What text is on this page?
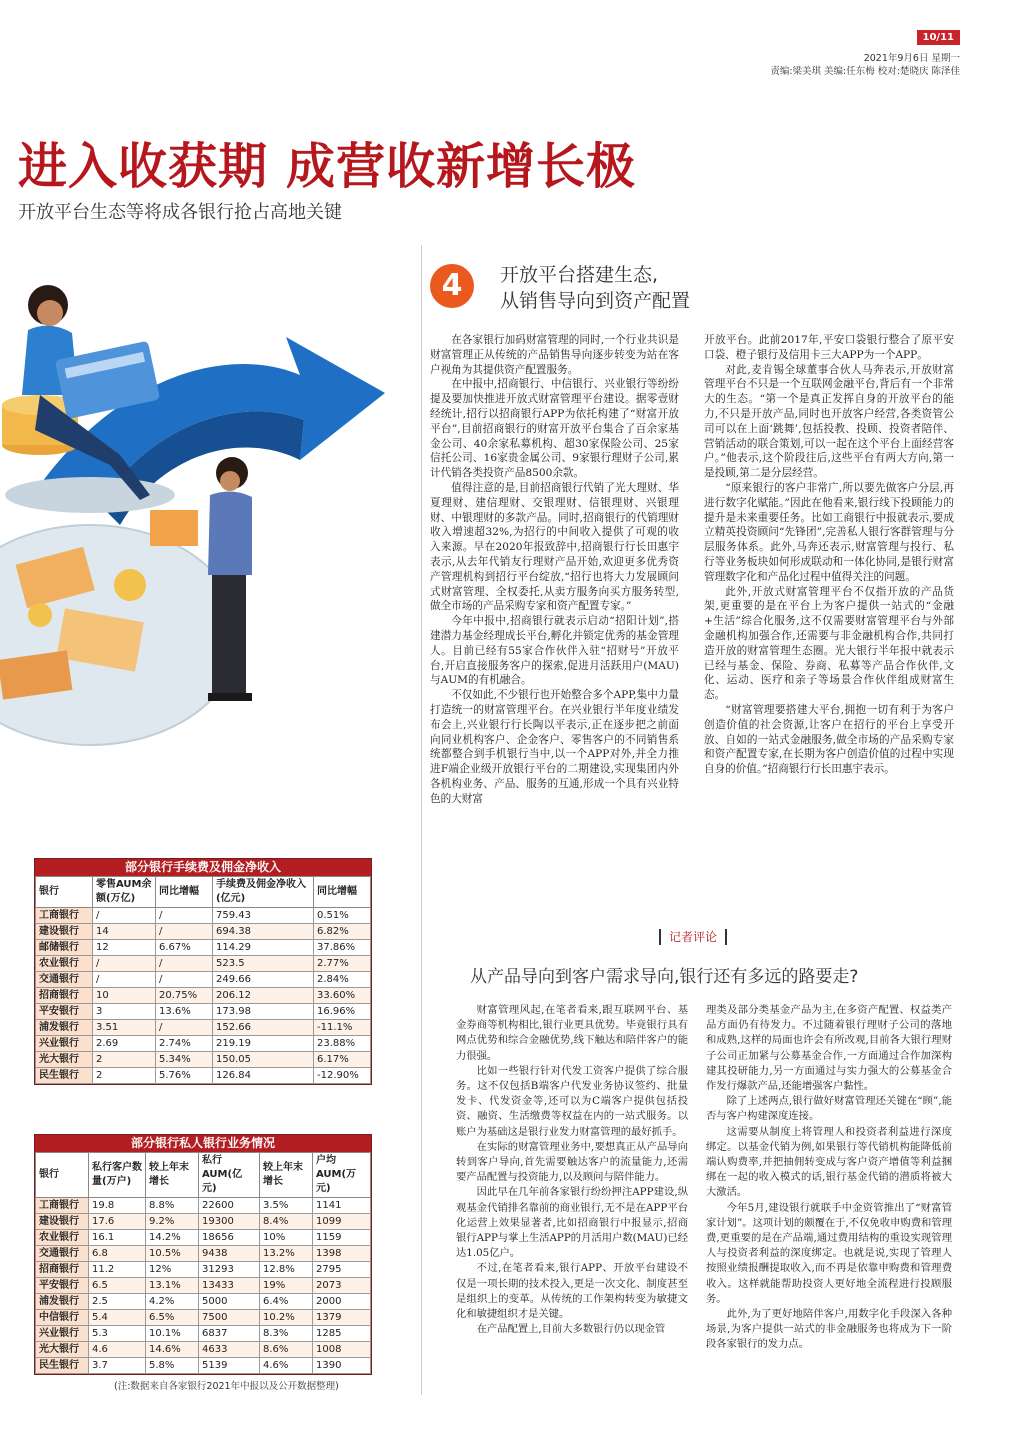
10/11
2021年9月6日 星期一
责编:梁美琪 美编:任东梅 校对:楚晓庆 陈泽佳
进入收获期 成营收新增长极
开放平台生态等将成各银行抢占高地关键
4	开放平台搭建生态,
从销售导向到资产配置

在各家银行加码财富管理的同时,一个行业共识是财富管理正从传统的产品销售导向逐步转变为站在客户视角为其提供资产配置服务。

在中报中,招商银行、中信银行、兴业银行等纷纷提及要加快推进开放式财富管理平台建设。据零壹财经统计,招行以招商银行APP为依托构建了“财富开放平台”,目前招商银行的财富开放平台集合了百余家基金公司、40余家私募机构、超30家保险公司、25家信托公司、16家贵金属公司、9家银行理财子公司,累计代销各类投资产品8500余款。

值得注意的是,目前招商银行代销了光大理财、华夏理财、建信理财、交银理财、信银理财、兴银理财、中银理财的多款产品。同时,招商银行的代销理财收入增速超32%,为招行的中间收入提供了可观的收入来源。早在2020年报致辞中,招商银行行长田惠宇表示,从去年代销友行理财产品开始,欢迎更多优秀资产管理机构到招行平台绽放,“招行也将大力发展顾问式财富管理、全权委托,从卖方服务向买方服务转型,做全市场的产品采购专家和资产配置专家。”

今年中报中,招商银行就表示启动“招阳计划”,搭建潜力基金经理成长平台,孵化并锁定优秀的基金管理人。目前已经有55家合作伙伴入驻“招财号”开放平台,开启直接服务客户的探索,促进月活跃用户(MAU)与AUM的有机融合。

不仅如此,不少银行也开始整合多个APP,集中力量打造统一的财富管理平台。在兴业银行半年度业绩发布会上,兴业银行行长陶以平表示,正在逐步把之前面向同业机构客户、企金客户、零售客户的不同销售系统都整合到手机银行当中,以一个APP对外,并全力推进F端企业级开放银行平台的二期建设,实现集团内外各机构业务、产品、服务的互通,形成一个具有兴业特色的大财富

开放平台。此前2017年,平安口袋银行整合了原平安口袋、橙子银行及信用卡三大APP为一个APP。

对此,麦肯锡全球董事合伙人马奔表示,开放财富管理平台不只是一个互联网金融平台,背后有一个非常大的生态。“第一个是真正发挥自身的开放平台的能力,不只是开放产品,同时也开放客户经营,各类资管公司可以在上面‘跳舞’,包括投教、投顾、投资者陪伴、营销活动的联合策划,可以一起在这个平台上面经营客户。”他表示,这个阶段往后,这些平台有两大方向,第一是投顾,第二是分层经营。

“原来银行的客户非常广,所以要先做客户分层,再进行数字化赋能。”因此在他看来,银行线下投顾能力的提升是未来重要任务。比如工商银行中报就表示,要成立精英投资顾问“先锋团”,完善私人银行客群管理与分层服务体系。此外,马奔还表示,财富管理与投行、私行等业务板块如何形成联动和一体化协同,是银行财富管理数字化和产品化过程中值得关注的问题。

此外,开放式财富管理平台不仅指开放的产品货架,更重要的是在平台上为客户提供一站式的“金融+生活”综合化服务,这不仅需要财富管理平台与外部金融机构加强合作,还需要与非金融机构合作,共同打造开放的财富管理生态圈。光大银行半年报中就表示已经与基金、保险、券商、私募等产品合作伙伴,文化、运动、医疗和亲子等场景合作伙伴组成财富生态。

“财富管理要搭建大平台,拥抱一切有利于为客户创造价值的社会资源,让客户在招行的平台上享受开放、自如的一站式金融服务,做全市场的产品采购专家和资产配置专家,在长期为客户创造价值的过程中实现自身的价值。”招商银行行长田惠宇表示。

记者评论
从产品导向到客户需求导向,银行还有多远的路要走?

财富管理风起,在笔者看来,跟互联网平台、基金券商等机构相比,银行业更具优势。毕竟银行具有网点优势和综合金融优势,线下触达和陪伴客户的能力很强。

比如一些银行针对代发工资客户提供了综合服务。这不仅包括B端客户代发业务协议签约、批量发卡、代发资金等,还可以为C端客户提供包括投资、融资、生活缴费等权益在内的一站式服务。以账户为基础这是银行业发力财富管理的最好抓手。

在实际的财富管理业务中,要想真正从产品导向转到客户导向,首先需要触达客户的流量能力,还需要产品配置与投资能力,以及顾问与陪伴能力。

因此早在几年前各家银行纷纷押注APP建设,纵观基金代销排名靠前的商业银行,无不是在APP平台化运营上效果显著者,比如招商银行中报显示,招商银行APP与掌上生活APP的月活用户数(MAU)已经达1.05亿户。

不过,在笔者看来,银行APP、开放平台建设不仅是一项长期的技术投入,更是一次文化、制度甚至是组织上的变革。从传统的工作架构转变为敏捷文化和敏捷组织才是关键。

在产品配置上,目前大多数银行仍以现金管

理类及部分类基金产品为主,在多资产配置、权益类产品方面仍有待发力。不过随着银行理财子公司的落地和成熟,这样的局面也许会有所改观,目前各大银行理财子公司正加紧与公募基金合作,一方面通过合作加深构建其投研能力,另一方面通过与实力强大的公募基金合作发行爆款产品,还能增强客户黏性。

除了上述两点,银行做好财富管理还关键在“顾”,能否与客户构建深度连接。

这需要从制度上将管理人和投资者利益进行深度绑定。以基金代销为例,如果银行等代销机构能降低前端认购费率,并把抽佣转变成与客户资产增值等利益捆绑在一起的收入模式的话,银行基金代销的潜质将被大大激活。

今年5月,建设银行就联手中金资管推出了“财富管家计划”。这项计划的颇覆在于,不仅免收申购费和管理费,更重要的是在产品端,通过费用结构的重设实现管理人与投资者利益的深度绑定。也就是说,实现了管理人按照业绩报酬提取收入,而不再是依靠申购费和管理费收入。这样就能帮助投资人更好地全流程进行投顾服务。

此外,为了更好地陪伴客户,用数字化手段深入各种场景,为客户提供一站式的非金融服务也将成为下一阶段各家银行的发力点。

部分银行手续费及佣金净收入
银行	零售AUM余额(万亿)	同比增幅	手续费及佣金净收入(亿元)	同比增幅
工商银行	/	/	759.43	0.51%
建设银行	14	/	694.38	6.82%
邮储银行	12	6.67%	114.29	37.86%
农业银行	/	/	523.5	2.77%
交通银行	/	/	249.66	2.84%
招商银行	10	20.75%	206.12	33.60%
平安银行	3	13.6%	173.98	16.96%
浦发银行	3.51	/	152.66	-11.1%
兴业银行	2.69	2.74%	219.19	23.88%
光大银行	2	5.34%	150.05	6.17%
民生银行	2	5.76%	126.84	-12.90%
部分银行私人银行业务情况
银行	私行客户数量(万户)	较上年末增长	私行AUM(亿元)	较上年末增长	户均AUM(万元)
工商银行	19.8	8.8%	22600	3.5%	1141
建设银行	17.6	9.2%	19300	8.4%	1099
农业银行	16.1	14.2%	18656	10%	1159
交通银行	6.8	10.5%	9438	13.2%	1398
招商银行	11.2	12%	31293	12.8%	2795
平安银行	6.5	13.1%	13433	19%	2073
浦发银行	2.5	4.2%	5000	6.4%	2000
中信银行	5.4	6.5%	7500	10.2%	1379
兴业银行	5.3	10.1%	6837	8.3%	1285
光大银行	4.6	14.6%	4633	8.6%	1008
民生银行	3.7	5.8%	5139	4.6%	1390
(注:数据来自各家银行2021年中报以及公开数据整理)
